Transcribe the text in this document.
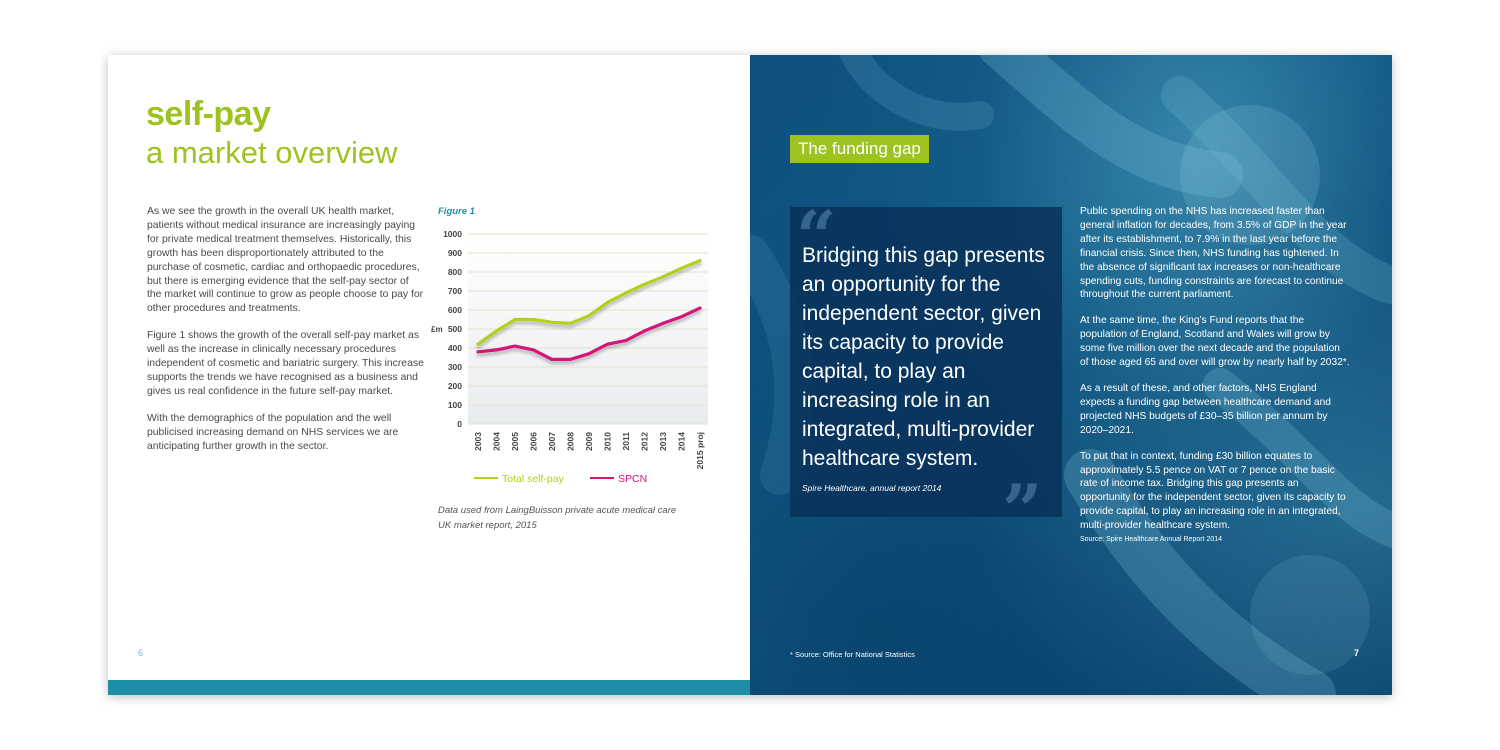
self-pay
a market overview

As we see the growth in the overall UK health market, patients without medical insurance are increasingly paying for private medical treatment themselves. Historically, this growth has been disproportionately attributed to the purchase of cosmetic, cardiac and orthopaedic procedures, but there is emerging evidence that the self-pay sector of the market will continue to grow as people choose to pay for other procedures and treatments.

Figure 1 shows the growth of the overall self-pay market as well as the increase in clinically necessary procedures independent of cosmetic and bariatric surgery. This increase supports the trends we have recognised as a business and gives us real confidence in the future self-pay market.

With the demographics of the population and the well publicised increasing demand on NHS services we are anticipating further growth in the sector.

Figure 1
0
100
200
300
400
500
600
700
800
900
1000
£m
2003 2004 2005 2006 2007 2008 2009 2010 2011 2012 2013 2014 2015 proj
Total self-pay	SPCN
Data used from LaingBuisson private acute medical care
UK market report, 2015
6
The funding gap
“
Bridging this gap presents an opportunity for the independent sector, given its capacity to provide capital, to play an increasing role in an integrated, multi-provider healthcare system.
Spire Healthcare, annual report 2014 ”

Public spending on the NHS has increased faster than general inflation for decades, from 3.5% of GDP in the year after its establishment, to 7.9% in the last year before the financial crisis. Since then, NHS funding has tightened. In the absence of significant tax increases or non-healthcare spending cuts, funding constraints are forecast to continue throughout the current parliament.

At the same time, the King’s Fund reports that the population of England, Scotland and Wales will grow by some five million over the next decade and the population of those aged 65 and over will grow by nearly half by 2032*.

As a result of these, and other factors, NHS England expects a funding gap between healthcare demand and projected NHS budgets of £30–35 billion per annum by 2020–2021.

To put that in context, funding £30 billion equates to approximately 5.5 pence on VAT or 7 pence on the basic rate of income tax. Bridging this gap presents an opportunity for the independent sector, given its capacity to provide capital, to play an increasing role in an integrated, multi-provider healthcare system.

Source: Spire Healthcare Annual Report 2014

* Source: Office for National Statistics	7
